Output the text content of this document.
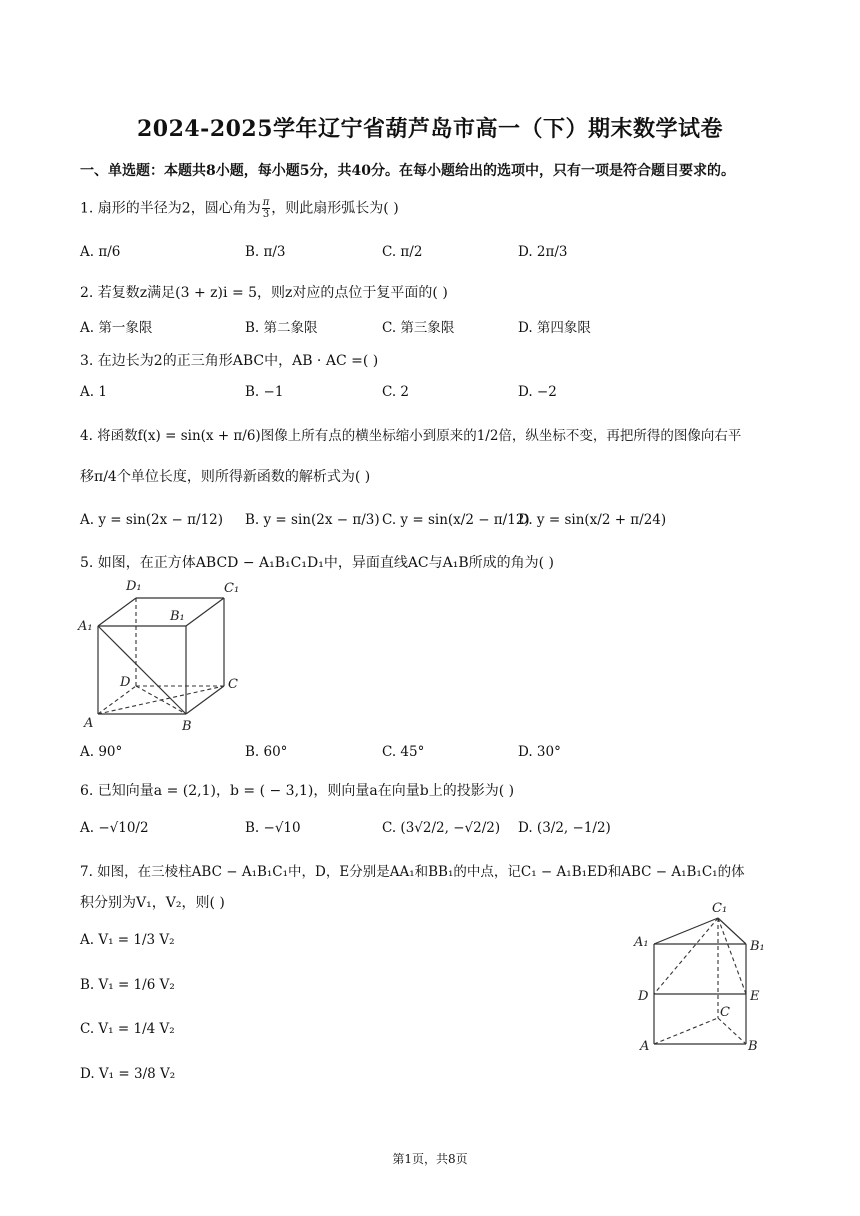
2024-2025学年辽宁省葫芦岛市高一（下）期末数学试卷
一、单选题：本题共8小题，每小题5分，共40分。在每小题给出的选项中，只有一项是符合题目要求的。
1. 扇形的半径为2，圆心角为 $\frac{\pi}{3}$ ，则此扇形弧长为( )
A. π/6	B. π/3	C. π/2	D. 2π/3
2. 若复数z满足(3 + z)i = 5，则z对应的点位于复平面的( )
A. 第一象限	B. 第二象限	C. 第三象限	D. 第四象限
3. 在边长为2的正三角形ABC中，AB · AC =( )
A. 1	B. −1	C. 2	D. −2
4. 将函数f(x) = sin(x + π/6)图像上所有点的横坐标缩小到原来的1/2倍，纵坐标不变，再把所得的图像向右平
移π/4个单位长度，则所得新函数的解析式为( )
A. y = sin(2x − π/12) B. y = sin(2x − π/3) C. y = sin(x/2 − π/12)
D. y = sin(x/2 + π/24)
5. 如图，在正方体ABCD − A₁B₁C₁D₁中，异面直线AC与A₁B所成的角为( )
D₁	C₁
B₁
A₁
D	C
A	B
A. 90°	B. 60°	C. 45°	D. 30°
6. 已知向量a = (2,1)，b = ( − 3,1)，则向量a在向量b上的投影为( )
A. −√10/2	B. −√10	C. (3√2/2, −√2/2) D. (3/2, −1/2)
7. 如图，在三棱柱ABC − A₁B₁C₁中，D，E分别是AA₁和BB₁的中点，记C₁ − A₁B₁ED和ABC − A₁B₁C₁的体
积分别为V₁，V₂，则( )
A. V₁ = 1/3 V₂
B. V₁ = 1/6 V₂
C. V₁ = 1/4 V₂
D. V₁ = 3/8 V₂
C₁
A₁	B₁
D	E
C
A	B
第1页，共8页
